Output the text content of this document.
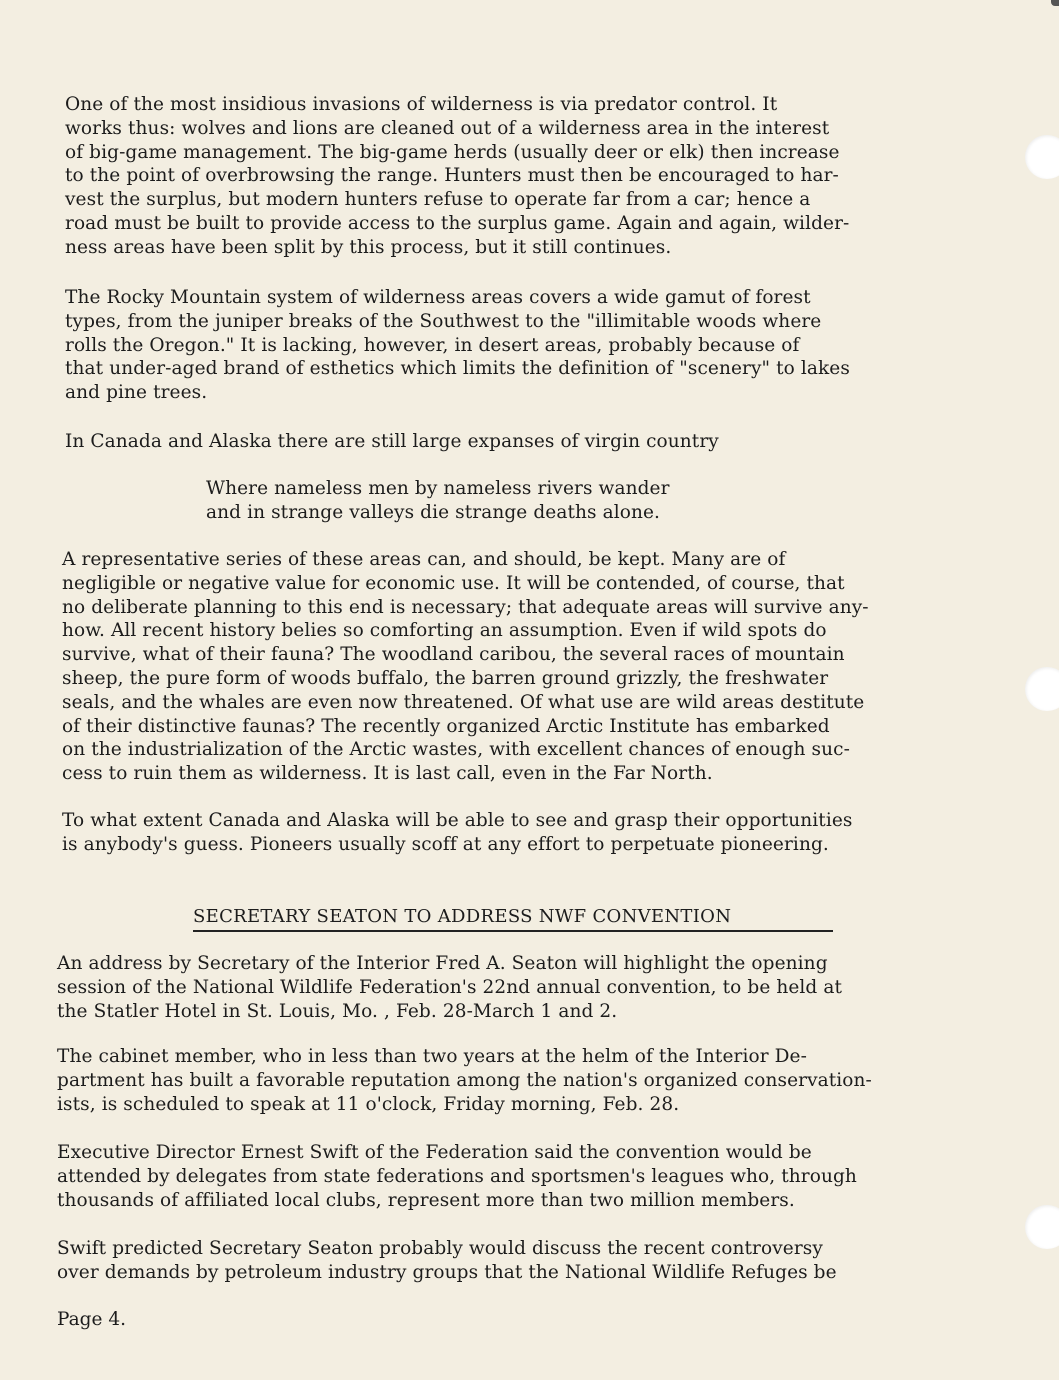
One of the most insidious invasions of wilderness is via predator control. It
works thus: wolves and lions are cleaned out of a wilderness area in the interest
of big-game management. The big-game herds (usually deer or elk) then increase
to the point of overbrowsing the range. Hunters must then be encouraged to har-
vest the surplus, but modern hunters refuse to operate far from a car; hence a
road must be built to provide access to the surplus game. Again and again, wilder-
ness areas have been split by this process, but it still continues.

The Rocky Mountain system of wilderness areas covers a wide gamut of forest
types, from the juniper breaks of the Southwest to the "illimitable woods where
rolls the Oregon." It is lacking, however, in desert areas, probably because of
that under-aged brand of esthetics which limits the definition of "scenery" to lakes
and pine trees.

In Canada and Alaska there are still large expanses of virgin country

Where nameless men by nameless rivers wander
and in strange valleys die strange deaths alone.

A representative series of these areas can, and should, be kept. Many are of
negligible or negative value for economic use. It will be contended, of course, that
no deliberate planning to this end is necessary; that adequate areas will survive any-
how. All recent history belies so comforting an assumption. Even if wild spots do
survive, what of their fauna? The woodland caribou, the several races of mountain
sheep, the pure form of woods buffalo, the barren ground grizzly, the freshwater
seals, and the whales are even now threatened. Of what use are wild areas destitute
of their distinctive faunas? The recently organized Arctic Institute has embarked
on the industrialization of the Arctic wastes, with excellent chances of enough suc-
cess to ruin them as wilderness. It is last call, even in the Far North.

To what extent Canada and Alaska will be able to see and grasp their opportunities
is anybody's guess. Pioneers usually scoff at any effort to perpetuate pioneering.

SECRETARY SEATON TO ADDRESS NWF CONVENTION

An address by Secretary of the Interior Fred A. Seaton will highlight the opening
session of the National Wildlife Federation's 22nd annual convention, to be held at
the Statler Hotel in St. Louis, Mo. , Feb. 28-March 1 and 2.

The cabinet member, who in less than two years at the helm of the Interior De-
partment has built a favorable reputation among the nation's organized conservation-
ists, is scheduled to speak at 11 o'clock, Friday morning, Feb. 28.

Executive Director Ernest Swift of the Federation said the convention would be
attended by delegates from state federations and sportsmen's leagues who, through
thousands of affiliated local clubs, represent more than two million members.

Swift predicted Secretary Seaton probably would discuss the recent controversy
over demands by petroleum industry groups that the National Wildlife Refuges be

Page 4.
